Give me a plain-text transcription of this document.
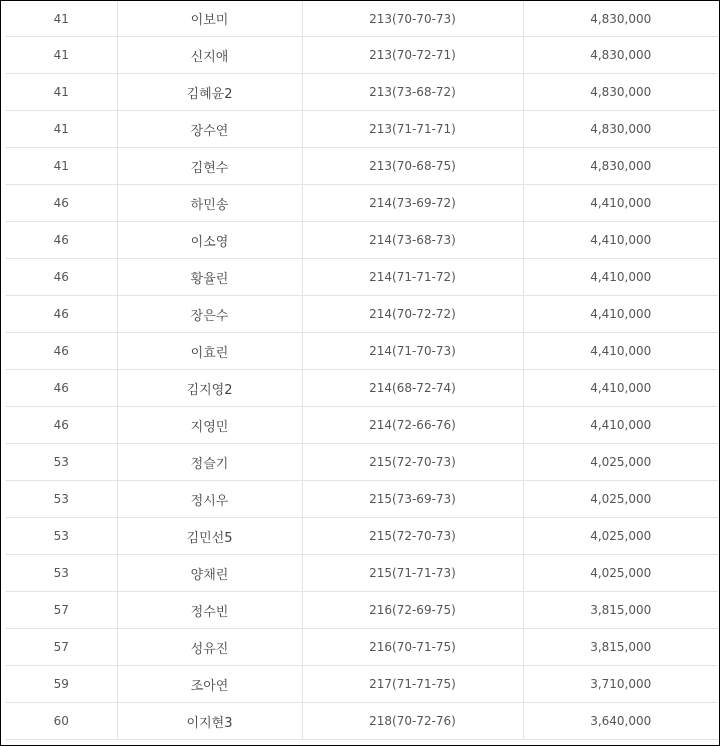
41	이보미	213(70-70-73)	4,830,000
41	신지애	213(70-72-71)	4,830,000
41	김혜윤2	213(73-68-72)	4,830,000
41	장수연	213(71-71-71)	4,830,000
41	김현수	213(70-68-75)	4,830,000
46	하민송	214(73-69-72)	4,410,000
46	이소영	214(73-68-73)	4,410,000
46	황율린	214(71-71-72)	4,410,000
46	장은수	214(70-72-72)	4,410,000
46	이효린	214(71-70-73)	4,410,000
46	김지영2	214(68-72-74)	4,410,000
46	지영민	214(72-66-76)	4,410,000
53	정슬기	215(72-70-73)	4,025,000
53	정시우	215(73-69-73)	4,025,000
53	김민선5	215(72-70-73)	4,025,000
53	양채린	215(71-71-73)	4,025,000
57	정수빈	216(72-69-75)	3,815,000
57	성유진	216(70-71-75)	3,815,000
59	조아연	217(71-71-75)	3,710,000
60	이지현3	218(70-72-76)	3,640,000
